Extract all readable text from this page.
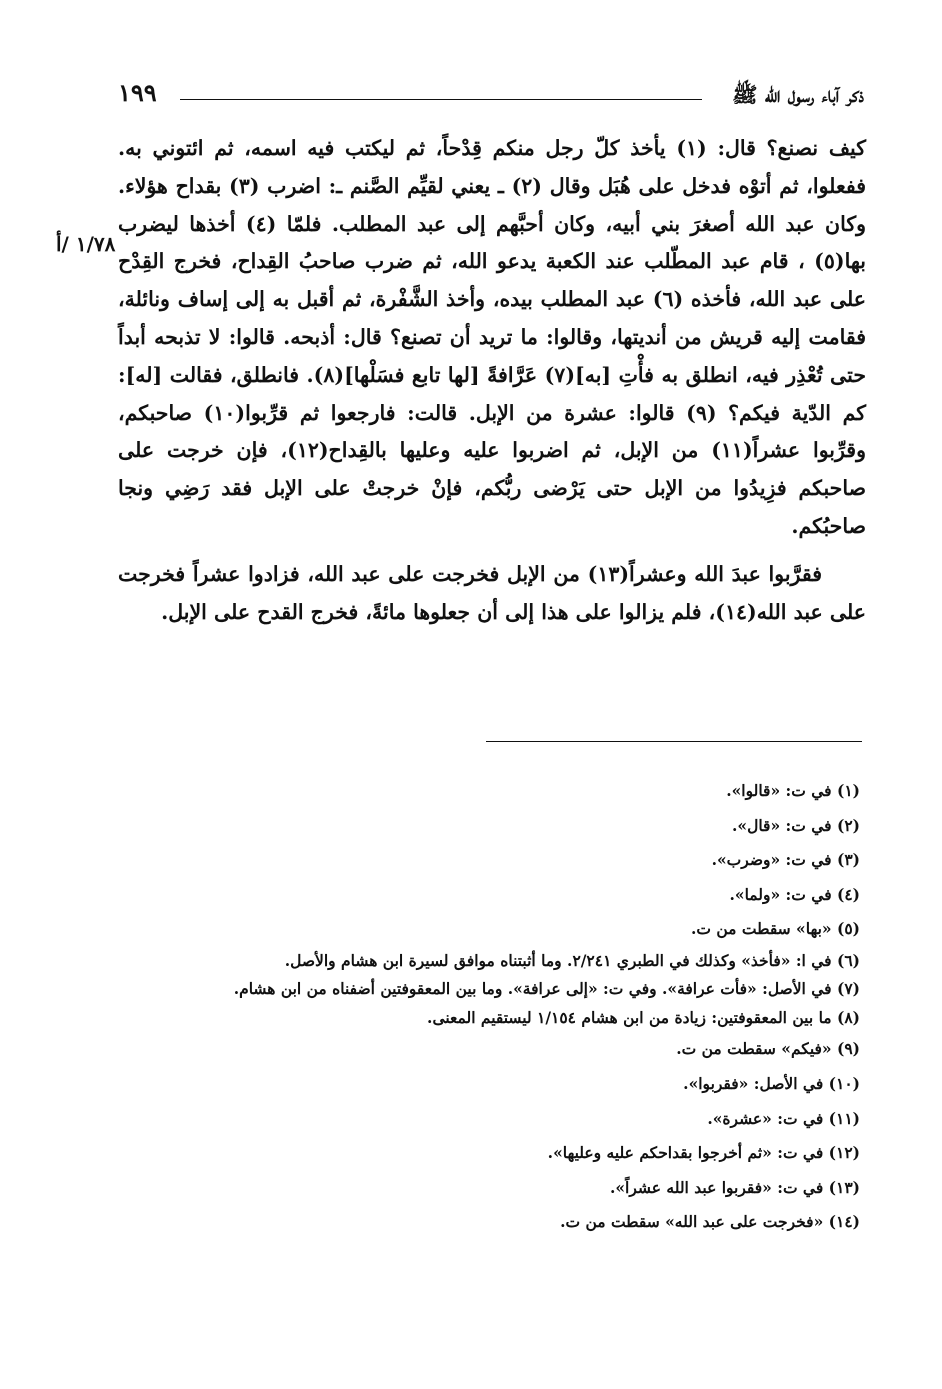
ذكر آباء رسول الله ﷺ
١٩٩
١/٧٨ /أ

كيف نصنع؟ قال: (١) يأخذ كلّ رجل منكم قِدْحاً، ثم ليكتب فيه اسمه، ثم ائتوني به. ففعلوا، ثم أتوْه فدخل على هُبَل وقال (٢) ـ يعني لقيِّم الصَّنم ـ: اضرب (٣) بقداح هؤلاء. وكان عبد الله أصغرَ بني أبيه، وكان أحبَّهم إلى عبد المطلب. فلمّا (٤) أخذها ليضرب بها(٥) ، قام عبد المطّلب عند الكعبة يدعو الله، ثم ضرب صاحبُ القِداح، فخرج القِدْح على عبد الله، فأخذه (٦) عبد المطلب بيده، وأخذ الشَّفْرة، ثم أقبل به إلى إساف ونائلة، فقامت إليه قريش من أنديتها، وقالوا: ما تريد أن تصنع؟ قال: أذبحه. قالوا: لا تذبحه أبداً حتى تُعْذِر فيه، انطلق به فأْتِ [به](٧) عَرَّافةً [لها تابع فسَلْها](٨). فانطلق، فقالت [له]: كم الدّية فيكم؟ (٩) قالوا: عشرة من الإبل. قالت: فارجعوا ثم قرِّبوا(١٠) صاحبكم، وقرِّبوا عشراً(١١) من الإبل، ثم اضربوا عليه وعليها بالقِداح(١٢)، فإن خرجت على صاحبكم فزِيدُوا من الإبل حتى يَرْضى ربُّكم، فإنْ خرجتْ على الإبل فقد رَضِي ونجا صاحبُكم.

فقرَّبوا عبدَ الله وعشراً(١٣) من الإبل فخرجت على عبد الله، فزادوا عشراً فخرجت على عبد الله(١٤)، فلم يزالوا على هذا إلى أن جعلوها مائةً، فخرج القدح على الإبل.

(١) في ت: «قالوا».
(٢) في ت: «قال».
(٣) في ت: «وضرب».
(٤) في ت: «ولما».
(٥) «بها» سقطت من ت.
(٦) في ا: «فأخذ» وكذلك في الطبري ٢/٢٤١. وما أثبتناه موافق لسيرة ابن هشام والأصل.
(٧) في الأصل: «فأت عرافة». وفي ت: «إلى عرافة». وما بين المعقوفتين أضفناه من ابن هشام.
(٨) ما بين المعقوفتين: زيادة من ابن هشام ١/١٥٤ ليستقيم المعنى.
(٩) «فيكم» سقطت من ت.
(١٠) في الأصل: «فقربوا».
(١١) في ت: «عشرة».
(١٢) في ت: «ثم أخرجوا بقداحكم عليه وعليها».
(١٣) في ت: «فقربوا عبد الله عشراً».
(١٤) «فخرجت على عبد الله» سقطت من ت.
